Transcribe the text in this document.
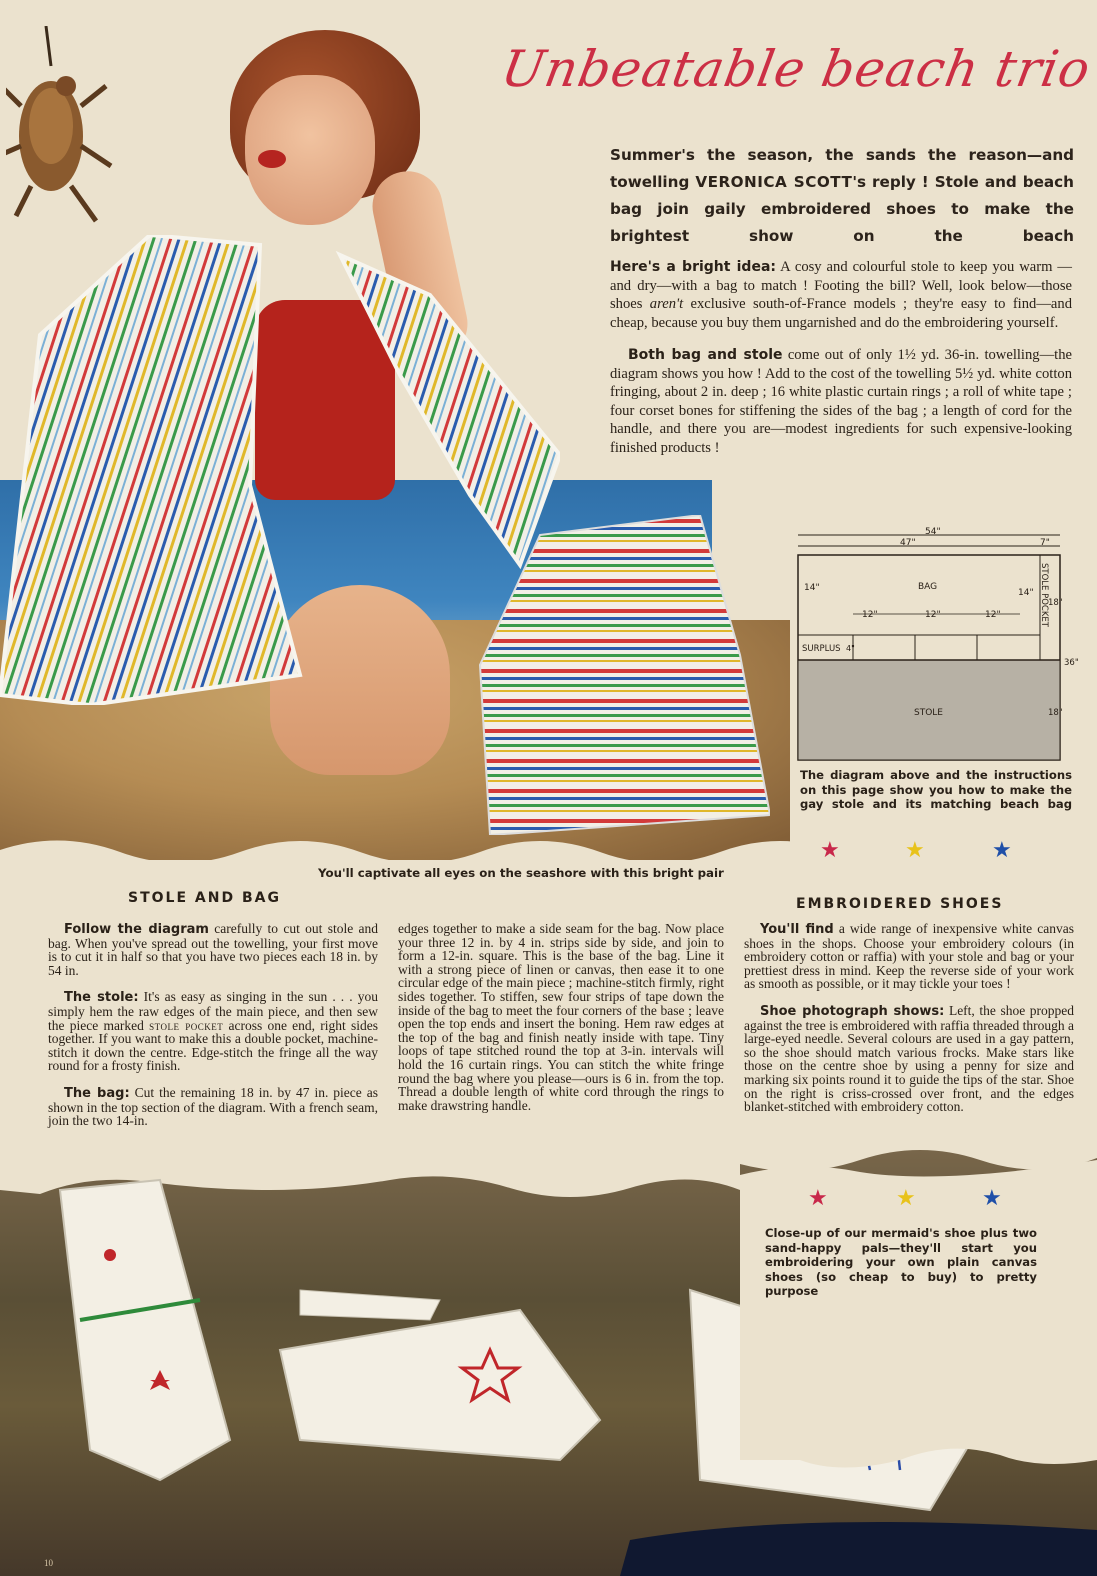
Unbeatable beach trio
Summer's the season, the sands the reason—and towelling VERONICA SCOTT's reply ! Stole and beach bag join gaily embroidered shoes to make the brightest show on the beach

Here's a bright idea: A cosy and colourful stole to keep you warm —and dry—with a bag to match ! Footing the bill? Well, look below—those shoes aren't exclusive south-of-France models ; they're easy to find—and cheap, because you buy them ungarnished and do the embroidering yourself.

Both bag and stole come out of only 1½ yd. 36-in. towelling—the diagram shows you how ! Add to the cost of the towelling 5½ yd. white cotton fringing, about 2 in. deep ; 16 white plastic curtain rings ; a roll of white tape ; four corset bones for stiffening the sides of the bag ; a length of cord for the handle, and there you are—modest ingredients for such expensive-looking finished products !

54"
47"	7"
14"	14"
BAG
12"	12"	12"
SURPLUS 4"
STOLE
18"
18"
36"
STOLE POCKET
The diagram above and the instructions on this page show you how to make the gay stole and its matching beach bag
★	★	★
You'll captivate all eyes on the seashore with this bright pair
STOLE AND BAG

Follow the diagram carefully to cut out stole and bag. When you've spread out the towelling, your first move is to cut it in half so that you have two pieces each 18 in. by 54 in.

The stole: It's as easy as singing in the sun . . . you simply hem the raw edges of the main piece, and then sew the piece marked stole pocket across one end, right sides together. If you want to make this a double pocket, machine-stitch it down the centre. Edge-stitch the fringe all the way round for a frosty finish.

The bag: Cut the remaining 18 in. by 47 in. piece as shown in the top section of the diagram. With a french seam, join the two 14-in.

edges together to make a side seam for the bag. Now place your three 12 in. by 4 in. strips side by side, and join to form a 12-in. square. This is the base of the bag. Line it with a strong piece of linen or canvas, then ease it to one circular edge of the main piece ; machine-stitch firmly, right sides together. To stiffen, sew four strips of tape down the inside of the bag to meet the four corners of the base ; leave open the top ends and insert the boning. Hem raw edges at the top of the bag and finish neatly inside with tape. Tiny loops of tape stitched round the top at 3-in. intervals will hold the 16 curtain rings. You can stitch the white fringe round the bag where you please—ours is 6 in. from the top. Thread a double length of white cord through the rings to make drawstring handle.

EMBROIDERED SHOES

You'll find a wide range of inexpensive white canvas shoes in the shops. Choose your embroidery colours (in embroidery cotton or raffia) with your stole and bag or your prettiest dress in mind. Keep the reverse side of your work as smooth as possible, or it may tickle your toes !

Shoe photograph shows: Left, the shoe propped against the tree is embroidered with raffia threaded through a large-eyed needle. Several colours are used in a gay pattern, so the shoe should match various frocks. Make stars like those on the centre shoe by using a penny for size and marking six points round it to guide the tips of the star. Shoe on the right is criss-crossed over front, and the edges blanket-stitched with embroidery cotton.

★	★	★
Close-up of our mermaid's shoe plus two sand-happy pals—they'll start you embroidering your own plain canvas shoes (so cheap to buy) to pretty purpose
10
